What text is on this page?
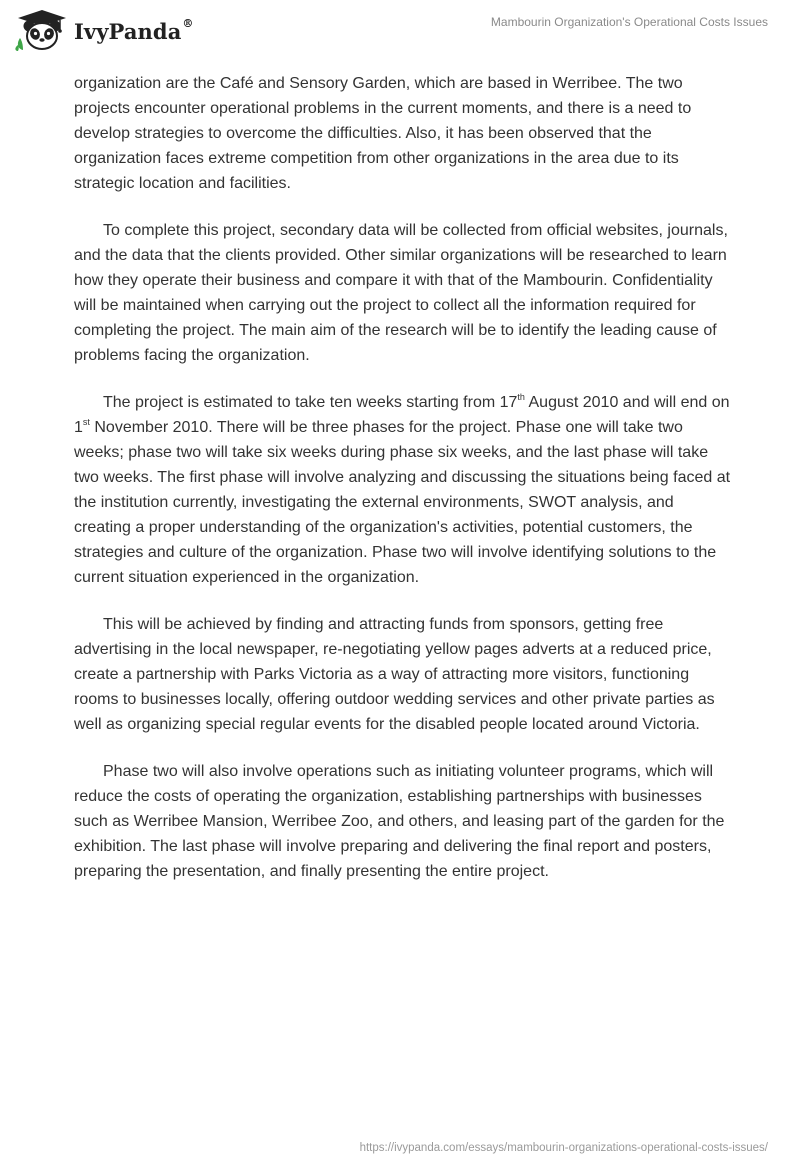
IvyPanda®	Mambourin Organization's Operational Costs Issues

organization are the Café and Sensory Garden, which are based in Werribee. The two projects encounter operational problems in the current moments, and there is a need to develop strategies to overcome the difficulties. Also, it has been observed that the organization faces extreme competition from other organizations in the area due to its strategic location and facilities.

To complete this project, secondary data will be collected from official websites, journals, and the data that the clients provided. Other similar organizations will be researched to learn how they operate their business and compare it with that of the Mambourin. Confidentiality will be maintained when carrying out the project to collect all the information required for completing the project. The main aim of the research will be to identify the leading cause of problems facing the organization.

The project is estimated to take ten weeks starting from 17th August 2010 and will end on 1st November 2010. There will be three phases for the project. Phase one will take two weeks; phase two will take six weeks during phase six weeks, and the last phase will take two weeks. The first phase will involve analyzing and discussing the situations being faced at the institution currently, investigating the external environments, SWOT analysis, and creating a proper understanding of the organization's activities, potential customers, the strategies and culture of the organization. Phase two will involve identifying solutions to the current situation experienced in the organization.

This will be achieved by finding and attracting funds from sponsors, getting free advertising in the local newspaper, re-negotiating yellow pages adverts at a reduced price, create a partnership with Parks Victoria as a way of attracting more visitors, functioning rooms to businesses locally, offering outdoor wedding services and other private parties as well as organizing special regular events for the disabled people located around Victoria.

Phase two will also involve operations such as initiating volunteer programs, which will reduce the costs of operating the organization, establishing partnerships with businesses such as Werribee Mansion, Werribee Zoo, and others, and leasing part of the garden for the exhibition. The last phase will involve preparing and delivering the final report and posters, preparing the presentation, and finally presenting the entire project.

https://ivypanda.com/essays/mambourin-organizations-operational-costs-issues/
